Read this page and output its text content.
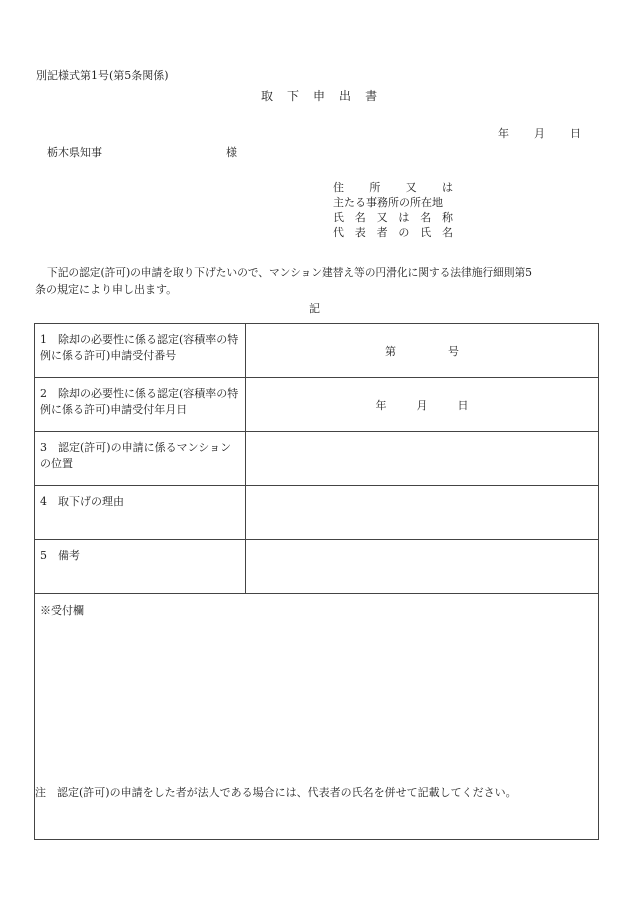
別記様式第1号(第5条関係)
取 下 申 出 書
年 月 日
栃木県知事	様
住 所 又 は
主たる事務所の所在地
氏 名 又 は 名 称
代 表 者 の 氏 名
下記の認定(許可)の申請を取り下げたいので、マンション建替え等の円滑化に関する法律施行細則第5
条の規定により申し出ます。
記
1　除却の必要性に係る認定(容積率の特例に係る許可)申請受付番号	第 号

2　除却の必要性に係る認定(容積率の特例に係る許可)申請受付年月日	年 月 日

3　認定(許可)の申請に係るマンションの位置	
4　取下げの理由	
5　備考	
※受付欄	
注　認定(許可)の申請をした者が法人である場合には、代表者の氏名を併せて記載してください。
